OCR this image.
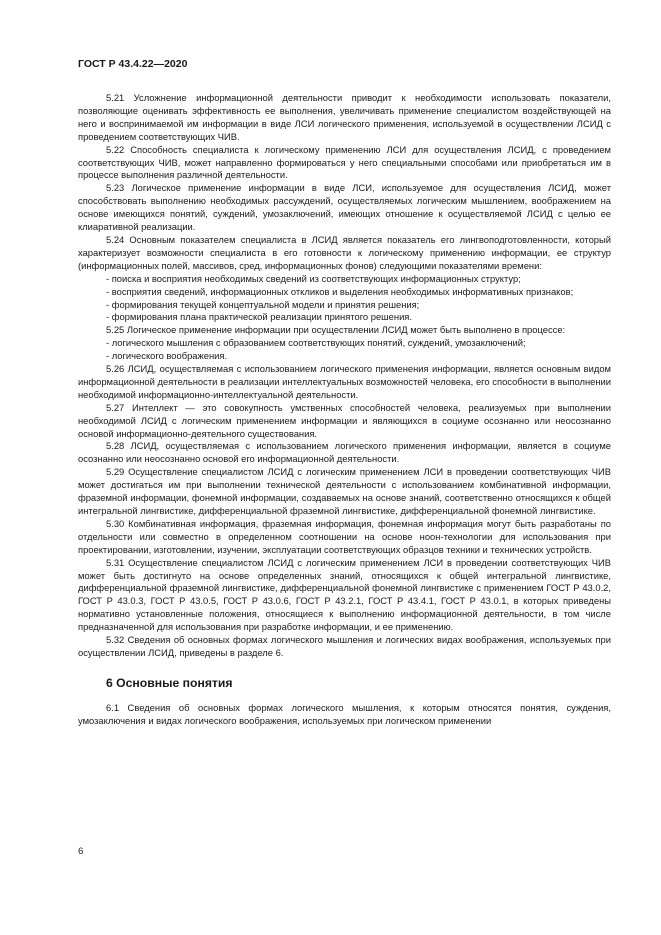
ГОСТ Р 43.4.22—2020
5.21 Усложнение информационной деятельности приводит к необходимости использовать показатели, позволяющие оценивать эффективность ее выполнения, увеличивать применение специалистом воздействующей на него и воспринимаемой им информации в виде ЛСИ логического применения, используемой в осуществлении ЛСИД с проведением соответствующих ЧИВ.
5.22 Способность специалиста к логическому применению ЛСИ для осуществления ЛСИД, с проведением соответствующих ЧИВ, может направленно формироваться у него специальными способами или приобретаться им в процессе выполнения различной деятельности.
5.23 Логическое применение информации в виде ЛСИ, используемое для осуществления ЛСИД, может способствовать выполнению необходимых рассуждений, осуществляемых логическим мышлением, воображением на основе имеющихся понятий, суждений, умозаключений, имеющих отношение к осуществляемой ЛСИД с целью ее клиаративной реализации.
5.24 Основным показателем специалиста в ЛСИД является показатель его лингвоподготовленности, который характеризует возможности специалиста в его готовности к логическому применению информации, ее структур (информационных полей, массивов, сред, информационных фонов) следующими показателями времени:
- поиска и восприятия необходимых сведений из соответствующих информационных структур;
- восприятия сведений, информационных откликов и выделения необходимых информативных признаков;
- формирования текущей концептуальной модели и принятия решения;
- формирования плана практической реализации принятого решения.
5.25 Логическое применение информации при осуществлении ЛСИД может быть выполнено в процессе:
- логического мышления с образованием соответствующих понятий, суждений, умозаключений;
- логического воображения.
5.26 ЛСИД, осуществляемая с использованием логического применения информации, является основным видом информационной деятельности в реализации интеллектуальных возможностей человека, его способности в выполнении необходимой информационно-интеллектуальной деятельности.
5.27 Интеллект — это совокупность умственных способностей человека, реализуемых при выполнении необходимой ЛСИД с логическим применением информации и являющихся в социуме осознанно или неосознанно основой информационно-деятельного существования.
5.28 ЛСИД, осуществляемая с использованием логического применения информации, является в социуме осознанно или неосознанно основой его информационной деятельности.
5.29 Осуществление специалистом ЛСИД с логическим применением ЛСИ в проведении соответствующих ЧИВ может достигаться им при выполнении технической деятельности с использованием комбинативной информации, фраземной информации, фонемной информации, создаваемых на основе знаний, соответственно относящихся к общей интегральной лингвистике, дифференциальной фраземной лингвистике, дифференциальной фонемной лингвистике.
5.30 Комбинативная информация, фраземная информация, фонемная информация могут быть разработаны по отдельности или совместно в определенном соотношении на основе ноон-технологии для использования при проектировании, изготовлении, изучении, эксплуатации соответствующих образцов техники и технических устройств.
5.31 Осуществление специалистом ЛСИД с логическим применением ЛСИ в проведении соответствующих ЧИВ может быть достигнуто на основе определенных знаний, относящихся к общей интегральной лингвистике, дифференциальной фраземной лингвистике, дифференциальной фонемной лингвистике с применением ГОСТ Р 43.0.2, ГОСТ Р 43.0.3, ГОСТ Р 43.0.5, ГОСТ Р 43.0.6, ГОСТ Р 43.2.1, ГОСТ Р 43.4.1, ГОСТ Р 43.0.1, в которых приведены нормативно установленные положения, относящиеся к выполнению информационной деятельности, в том числе предназначенной для использования при разработке информации, и ее применению.
5.32 Сведения об основных формах логического мышления и логических видах воображения, используемых при осуществлении ЛСИД, приведены в разделе 6.
6 Основные понятия
6.1 Сведения об основных формах логического мышления, к которым относятся понятия, суждения, умозаключения и видах логического воображения, используемых при логическом применении
6
